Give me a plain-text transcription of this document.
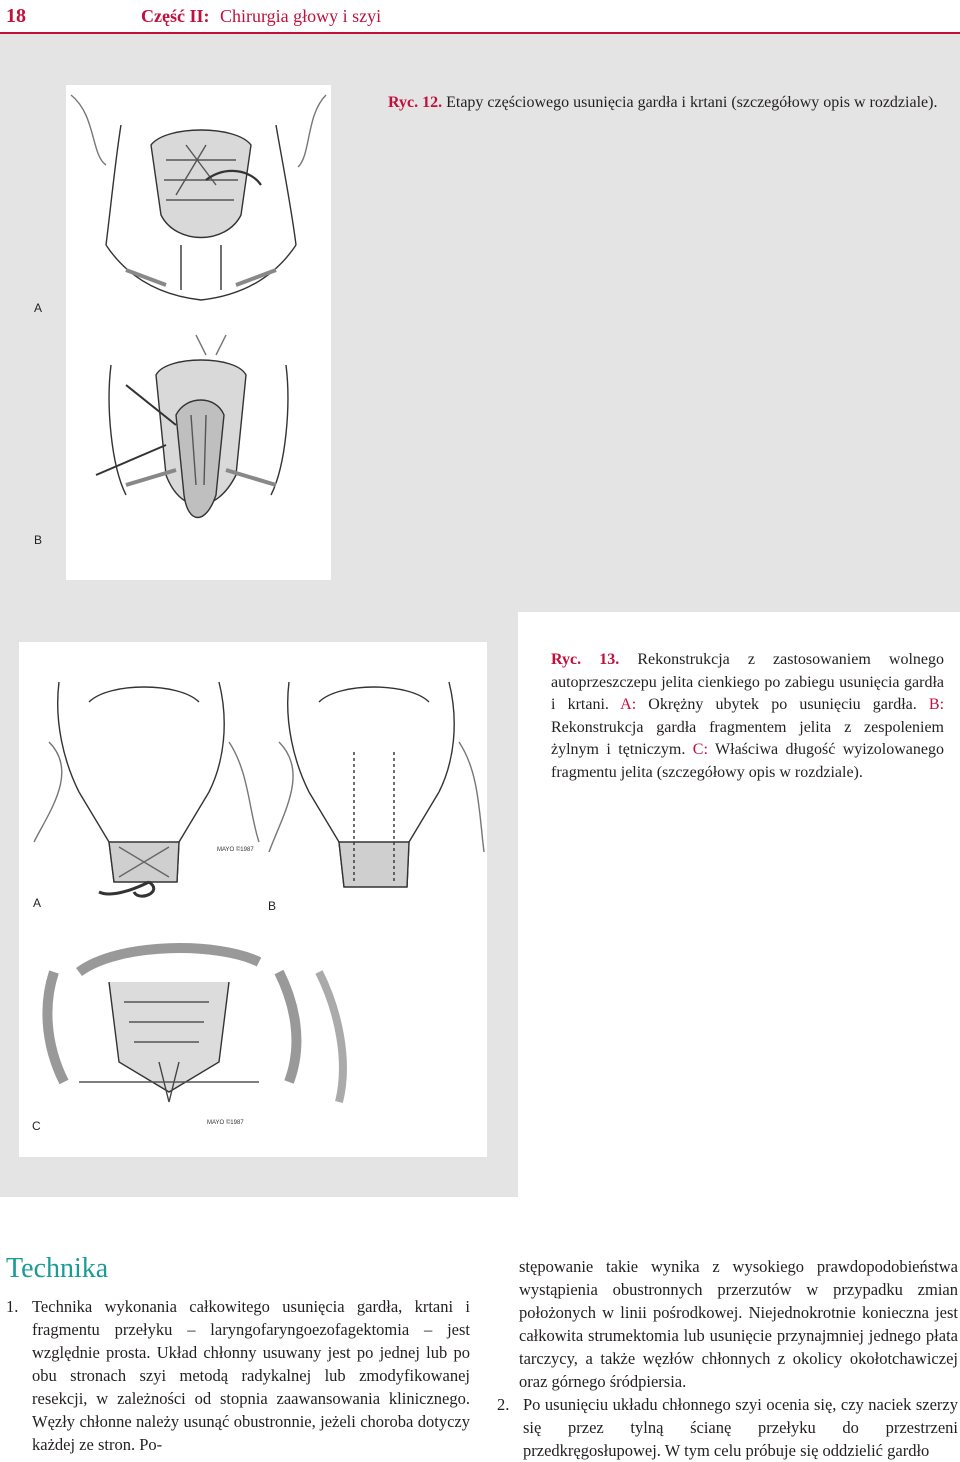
18	Część II: Chirurgia głowy i szyi
A
B
Ryc. 12. Etapy częściowego usunięcia gardła i krtani (szczegółowy opis w rozdziale).
MAYO ©1987
MAYO ©1987
A	B
C
Ryc. 13. Rekonstrukcja z zastosowaniem wolnego autoprzeszczepu jelita cienkiego po zabiegu usunięcia gardła i krtani. A: Okrężny ubytek po usunięciu gardła. B: Rekonstrukcja gardła fragmentem jelita z zespoleniem żylnym i tętniczym. C: Właściwa długość wyizolowanego fragmentu jelita (szczegółowy opis w rozdziale).
Technika
1. Technika wykonania całkowitego usunięcia gardła, krtani i fragmentu przełyku – laryngofaryngoezofagektomia – jest względnie prosta. Układ chłonny usuwany jest po jednej lub po obu stronach szyi metodą radykalnej lub zmodyfikowanej resekcji, w zależności od stopnia zaawansowania klinicznego. Węzły chłonne należy usunąć obustronnie, jeżeli choroba dotyczy każdej ze stron. Po-
stępowanie takie wynika z wysokiego prawdopodobieństwa wystąpienia obustronnych przerzutów w przypadku zmian położonych w linii pośrodkowej. Niejednokrotnie konieczna jest całkowita strumektomia lub usunięcie przynajmniej jednego płata tarczycy, a także węzłów chłonnych z okolicy okołotchawiczej oraz górnego śródpiersia.
2. Po usunięciu układu chłonnego szyi ocenia się, czy naciek szerzy się przez tylną ścianę przełyku do przestrzeni przedkręgosłupowej. W tym celu próbuje się oddzielić gardło
